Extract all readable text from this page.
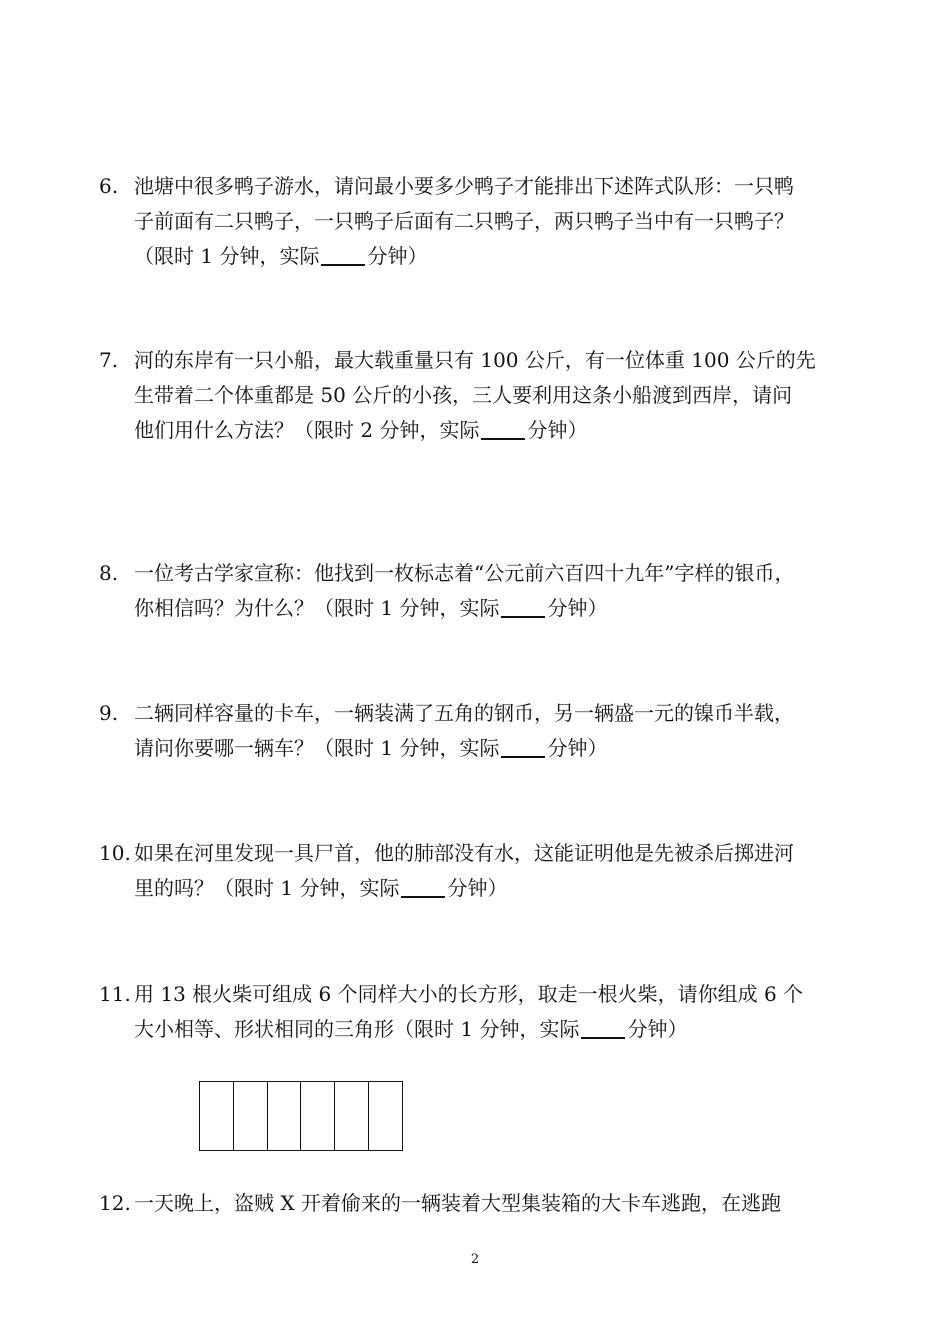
6. 池塘中很多鸭子游水，请问最小要多少鸭子才能排出下述阵式队形：一只鸭
子前面有二只鸭子，一只鸭子后面有二只鸭子，两只鸭子当中有一只鸭子？
（限时 1 分钟，实际 分钟）
7. 河的东岸有一只小船，最大载重量只有 100 公斤，有一位体重 100 公斤的先
生带着二个体重都是 50 公斤的小孩，三人要利用这条小船渡到西岸，请问
他们用什么方法？（限时 2 分钟，实际 分钟）
8. 一位考古学家宣称：他找到一枚标志着“公元前六百四十九年”字样的银币，
你相信吗？为什么？（限时 1 分钟，实际 分钟）
9. 二辆同样容量的卡车，一辆装满了五角的钢币，另一辆盛一元的镍币半载，
请问你要哪一辆车？（限时 1 分钟，实际 分钟）
10. 如果在河里发现一具尸首，他的肺部没有水，这能证明他是先被杀后掷进河
里的吗？（限时 1 分钟，实际 分钟）
11. 用 13 根火柴可组成 6 个同样大小的长方形，取走一根火柴，请你组成 6 个
大小相等、形状相同的三角形（限时 1 分钟，实际 分钟）
12. 一天晚上，盗贼 X 开着偷来的一辆装着大型集装箱的大卡车逃跑，在逃跑
2
